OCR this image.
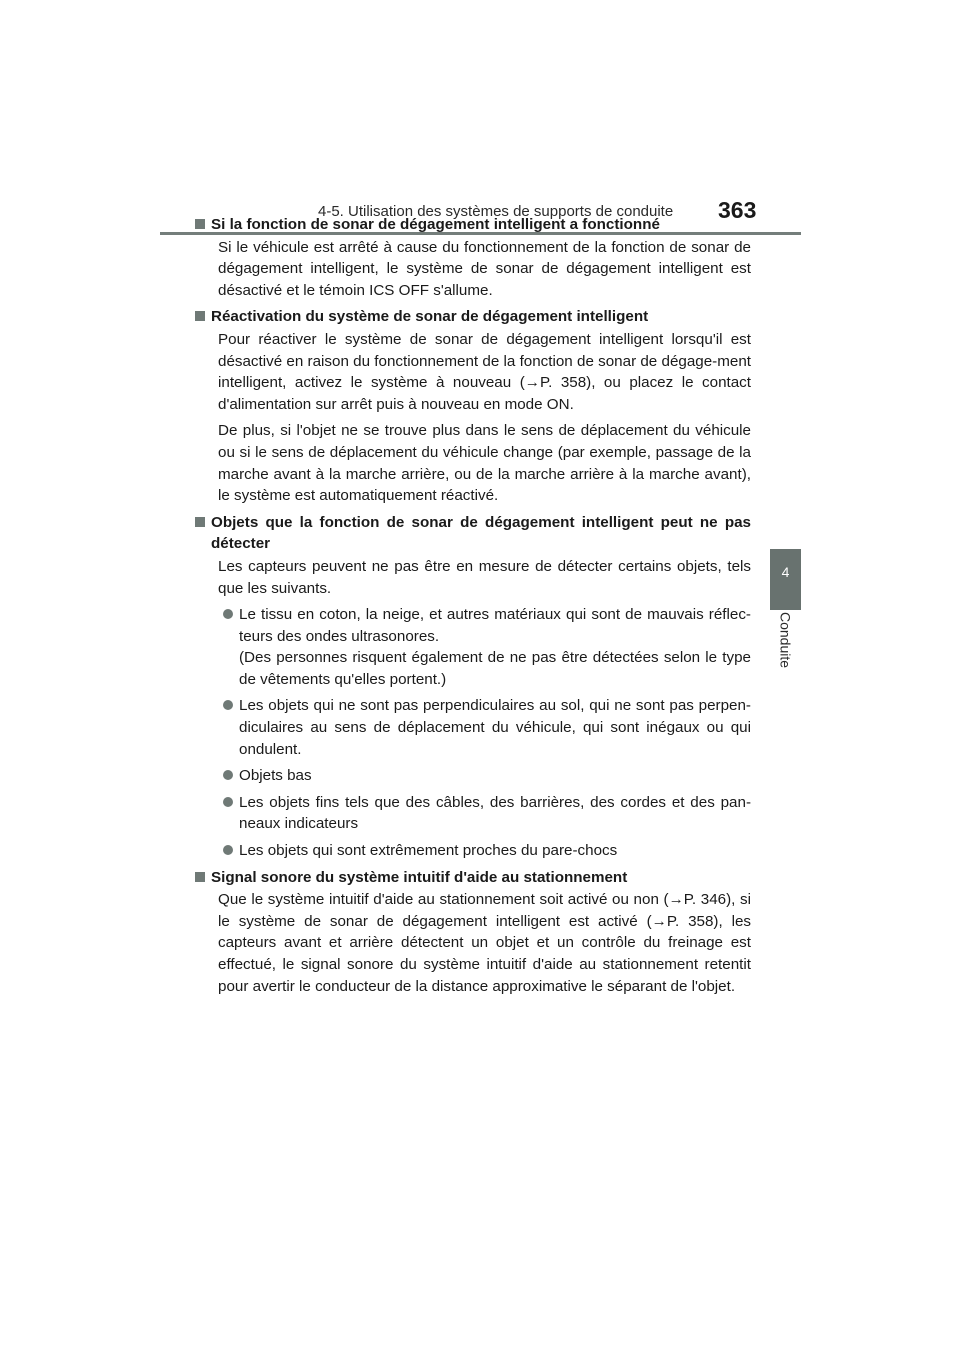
4-5. Utilisation des systèmes de supports de conduite 363
4
Conduite
Si la fonction de sonar de dégagement intelligent a fonctionné

Si le véhicule est arrêté à cause du fonctionnement de la fonction de sonar de dégagement intelligent, le système de sonar de dégagement intelligent est désactivé et le témoin ICS OFF s'allume.

Réactivation du système de sonar de dégagement intelligent

Pour réactiver le système de sonar de dégagement intelligent lorsqu'il est désactivé en raison du fonctionnement de la fonction de sonar de dégage-ment intelligent, activez le système à nouveau (→P. 358), ou placez le contact d'alimentation sur arrêt puis à nouveau en mode ON.

De plus, si l'objet ne se trouve plus dans le sens de déplacement du véhicule ou si le sens de déplacement du véhicule change (par exemple, passage de la marche avant à la marche arrière, ou de la marche arrière à la marche avant), le système est automatiquement réactivé.

Objets que la fonction de sonar de dégagement intelligent peut ne pas détecter

Les capteurs peuvent ne pas être en mesure de détecter certains objets, tels que les suivants.

Le tissu en coton, la neige, et autres matériaux qui sont de mauvais réflec-teurs des ondes ultrasonores.
(Des personnes risquent également de ne pas être détectées selon le type de vêtements qu'elles portent.)
Les objets qui ne sont pas perpendiculaires au sol, qui ne sont pas perpen-diculaires au sens de déplacement du véhicule, qui sont inégaux ou qui ondulent.
Objets bas
Les objets fins tels que des câbles, des barrières, des cordes et des pan-neaux indicateurs
Les objets qui sont extrêmement proches du pare-chocs
Signal sonore du système intuitif d'aide au stationnement

Que le système intuitif d'aide au stationnement soit activé ou non (→P. 346), si le système de sonar de dégagement intelligent est activé (→P. 358), les capteurs avant et arrière détectent un objet et un contrôle du freinage est effectué, le signal sonore du système intuitif d'aide au stationnement retentit pour avertir le conducteur de la distance approximative le séparant de l'objet.
